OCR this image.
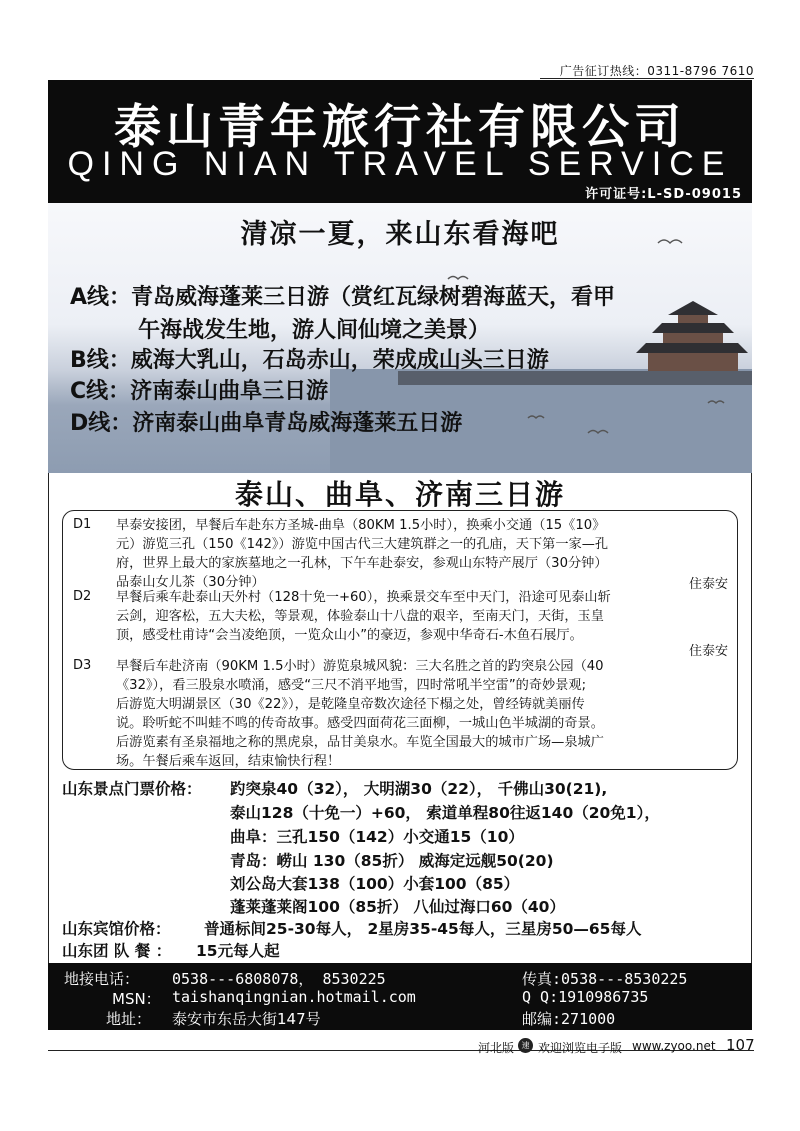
广告征订热线：0311-8796 7610
泰山青年旅行社有限公司
QING NIAN TRAVEL SERVICE
许可证号:L-SD-09015
清凉一夏，来山东看海吧
A线：青岛威海蓬莱三日游（赏红瓦绿树碧海蓝天，看甲
午海战发生地，游人间仙境之美景）
B线：威海大乳山，石岛赤山，荣成成山头三日游
C线：济南泰山曲阜三日游
D线：济南泰山曲阜青岛威海蓬莱五日游
泰山、曲阜、济南三日游
D1 早泰安接团，早餐后车赴东方圣城-曲阜（80KM 1.5小时），换乘小交通（15《10》
元）游览三孔（150《142》）游览中国古代三大建筑群之一的孔庙，天下第一家—孔
府，世界上最大的家族墓地之一孔林，下午车赴泰安，参观山东特产展厅（30分钟）
品泰山女儿茶（30分钟）	住泰安
D2 早餐后乘车赴泰山天外村（128十免一+60），换乘景交车至中天门，沿途可见泰山斩
云剑，迎客松，五大夫松，等景观，体验泰山十八盘的艰辛，至南天门，天街，玉皇
顶，感受杜甫诗“会当凌绝顶，一览众山小”的豪迈，参观中华奇石-木鱼石展厅。
住泰安
D3 早餐后车赴济南（90KM 1.5小时）游览泉城风貌：三大名胜之首的趵突泉公园（40
《32》），看三股泉水喷涌，感受“三尺不消平地雪，四时常吼半空雷”的奇妙景观;
后游览大明湖景区（30《22》），是乾隆皇帝数次途径下榻之处，曾经铸就美丽传
说。聆听蛇不叫蛙不鸣的传奇故事。感受四面荷花三面柳，一城山色半城湖的奇景。
后游览素有圣泉福地之称的黑虎泉，品甘美泉水。车览全国最大的城市广场—泉城广
场。午餐后乘车返回，结束愉快行程！
山东景点门票价格： 趵突泉40（32）， 大明湖30（22）， 千佛山30(21),
泰山128（十免一）+60， 索道单程80往返140（20免1），
曲阜：三孔150（142）小交通15（10）
青岛：崂山 130（85折） 威海定远舰50(20)
刘公岛大套138（100）小套100（85）
蓬莱蓬莱阁100（85折） 八仙过海口60（40）
山东宾馆价格： 普通标间25-30每人， 2星房35-45每人，三星房50—65每人
山东团 队 餐 ： 15元每人起
地接电话： 0538---6808078， 8530225	传真:0538---8530225
MSN： taishanqingnian.hotmail.com	Q Q:1910986735
地址： 泰安市东岳大街147号	邮编:271000
河北版 速 欢迎浏览电子版 www.zyoo.net 107
